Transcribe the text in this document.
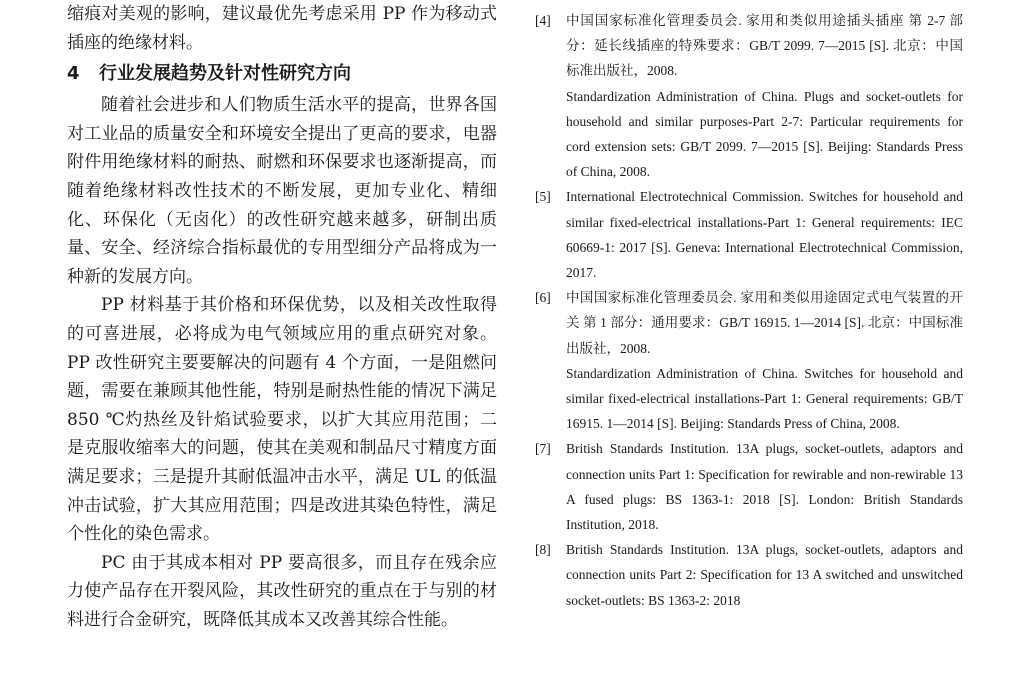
缩痕对美观的影响，建议最优先考虑采用 PP 作为移动式插座的绝缘材料。

4 行业发展趋势及针对性研究方向

随着社会进步和人们物质生活水平的提高，世界各国对工业品的质量安全和环境安全提出了更高的要求，电器附件用绝缘材料的耐热、耐燃和环保要求也逐渐提高，而随着绝缘材料改性技术的不断发展，更加专业化、精细化、环保化（无卤化）的改性研究越来越多，研制出质量、安全、经济综合指标最优的专用型细分产品将成为一种新的发展方向。

PP 材料基于其价格和环保优势，以及相关改性取得的可喜进展，必将成为电气领域应用的重点研究对象。PP 改性研究主要要解决的问题有 4 个方面，一是阻燃问题，需要在兼顾其他性能，特别是耐热性能的情况下满足 850 ℃灼热丝及针焰试验要求，以扩大其应用范围；二是克服收缩率大的问题，使其在美观和制品尺寸精度方面满足要求；三是提升其耐低温冲击水平，满足 UL 的低温冲击试验，扩大其应用范围；四是改进其染色特性，满足个性化的染色需求。

PC 由于其成本相对 PP 要高很多，而且存在残余应力使产品存在开裂风险，其改性研究的重点在于与别的材料进行合金研究，既降低其成本又改善其综合性能。

[4] 中国国家标准化管理委员会. 家用和类似用途插头插座 第 2-7 部分：延长线插座的特殊要求：GB/T 2099. 7—2015 [S]. 北京：中国标准出版社，2008.
Standardization Administration of China. Plugs and socket-outlets for household and similar purposes-Part 2-7: Particular requirements for cord extension sets: GB/T 2099. 7—2015 [S]. Beijing: Standards Press of China, 2008.
[5] International Electrotechnical Commission. Switches for household and similar fixed-electrical installations-Part 1: General requirements: IEC 60669-1: 2017 [S]. Geneva: International Electrotechnical Commission, 2017.
[6] 中国国家标准化管理委员会. 家用和类似用途固定式电气装置的开关 第 1 部分：通用要求：GB/T 16915. 1—2014 [S]. 北京：中国标准出版社，2008.
Standardization Administration of China. Switches for household and similar fixed-electrical installations-Part 1: General requirements: GB/T 16915. 1—2014 [S]. Beijing: Standards Press of China, 2008.
[7] British Standards Institution. 13A plugs, socket-outlets, adaptors and connection units Part 1: Specification for rewirable and non-rewirable 13 A fused plugs: BS 1363-1: 2018 [S]. London: British Standards Institution, 2018.
[8] British Standards Institution. 13A plugs, socket-outlets, adaptors and connection units Part 2: Specification for 13 A switched and unswitched socket-outlets: BS 1363-2: 2018
